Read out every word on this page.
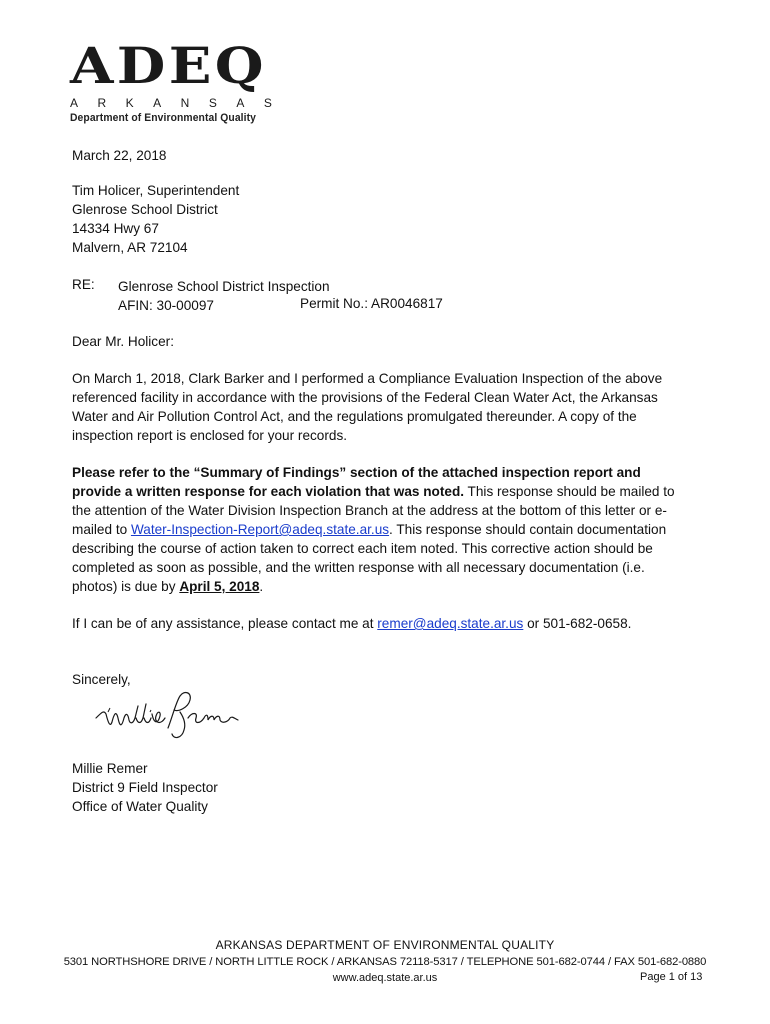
ADEQ
ARKANSAS
Department of Environmental Quality
March 22, 2018
Tim Holicer, Superintendent
Glenrose School District
14334 Hwy 67
Malvern, AR 72104
RE: Glenrose School District Inspection
AFIN: 30-00097	Permit No.: AR0046817
Dear Mr. Holicer:
On March 1, 2018, Clark Barker and I performed a Compliance Evaluation Inspection of the above
referenced facility in accordance with the provisions of the Federal Clean Water Act, the Arkansas
Water and Air Pollution Control Act, and the regulations promulgated thereunder. A copy of the
inspection report is enclosed for your records.
Please refer to the “Summary of Findings” section of the attached inspection report and
provide a written response for each violation that was noted. This response should be mailed to
the attention of the Water Division Inspection Branch at the address at the bottom of this letter or e-
mailed to Water-Inspection-Report@adeq.state.ar.us. This response should contain documentation
describing the course of action taken to correct each item noted. This corrective action should be
completed as soon as possible, and the written response with all necessary documentation (i.e.
photos) is due by April 5, 2018.
If I can be of any assistance, please contact me at remer@adeq.state.ar.us or 501-682-0658.
Sincerely,
Millie Remer
District 9 Field Inspector
Office of Water Quality
ARKANSAS DEPARTMENT OF ENVIRONMENTAL QUALITY
5301 NORTHSHORE DRIVE / NORTH LITTLE ROCK / ARKANSAS 72118-5317 / TELEPHONE 501-682-0744 / FAX 501-682-0880
www.adeq.state.ar.us	Page 1 of 13
